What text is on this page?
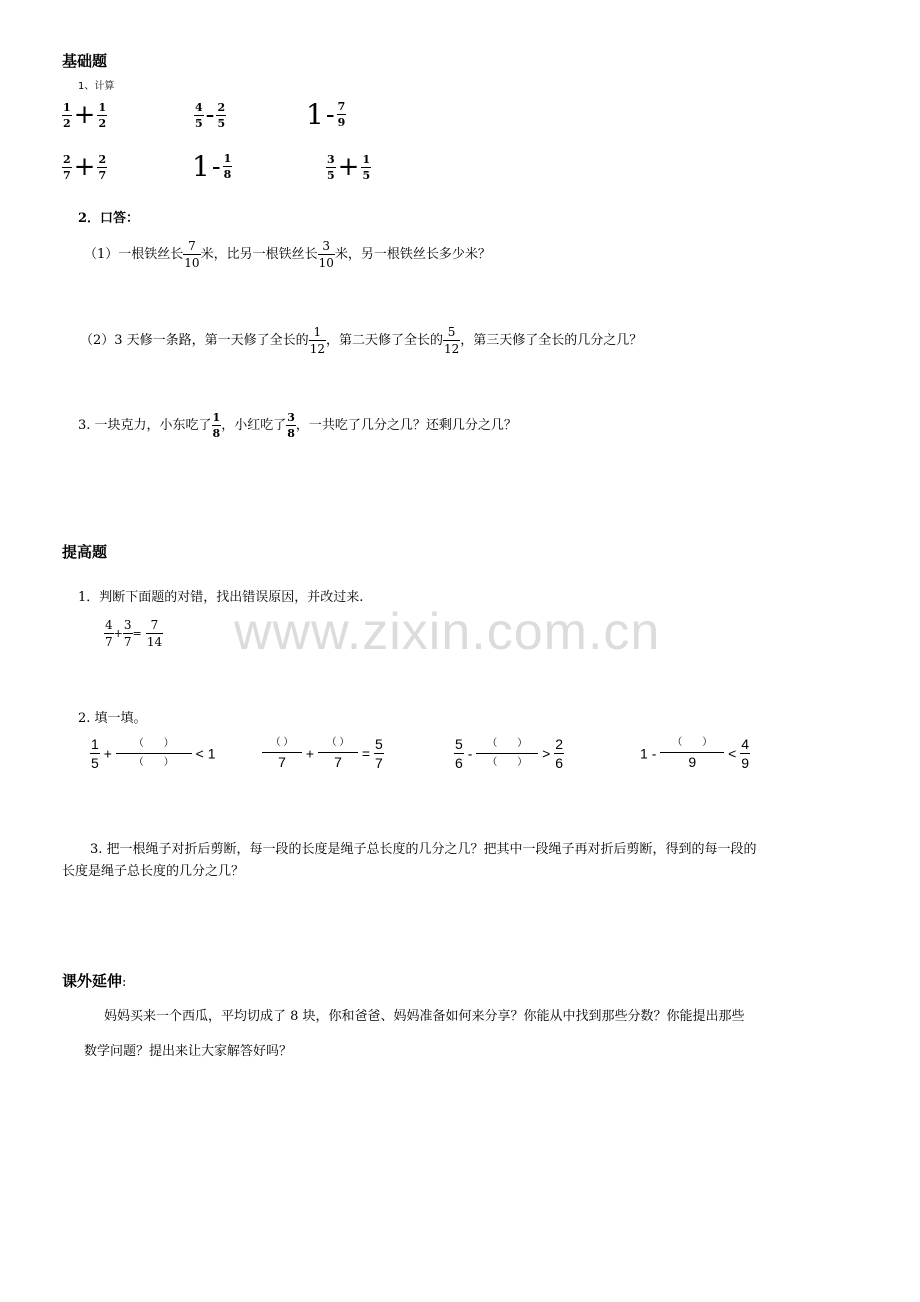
www.zixin.com.cn
基础题
1、计算
$\frac{1}{2} + \frac{1}{2}$	$\frac{4}{5} - \frac{2}{5}$	$1- \frac{7}{9}$
$\frac{2}{7} + \frac{2}{7}$	$1- \frac{1}{8}$	$\frac{3}{5} + \frac{1}{5}$
2．口答：
（1）一根铁丝长 $\frac{7}{10}$ 米，比另一根铁丝长 $\frac{3}{10}$ 米，另一根铁丝长多少米？
（2）3 天修一条路，第一天修了全长的 $\frac{1}{12}$ ，第二天修了全长的 $\frac{5}{12}$ ，第三天修了全长的几分之几？
3. 一块克力，小东吃了 $\frac{1}{8}$ ，小红吃了 $\frac{3}{8}$ ，一共吃了几分之几？还剩几分之几？
提高题
1．判断下面题的对错，找出错误原因，并改过来.
$\frac{4}{7} + \frac{3}{7} = \frac{7}{14}$
2. 填一填。
$\frac{1}{5} + \frac{( )}{( )} < 1$	$\frac{( )}{7} + \frac{( )}{7} = \frac{5}{7}$	$\frac{5}{6} - \frac{( )}{( )} > \frac{2}{6}$	$1 - \frac{( )}{9} < \frac{4}{9}$
3. 把一根绳子对折后剪断，每一段的长度是绳子总长度的几分之几？把其中一段绳子再对折后剪断，得到的每一段的
长度是绳子总长度的几分之几？
课外延伸:
妈妈买来一个西瓜，平均切成了 8 块，你和爸爸、妈妈准备如何来分享？你能从中找到那些分数？你能提出那些
数学问题？提出来让大家解答好吗？
